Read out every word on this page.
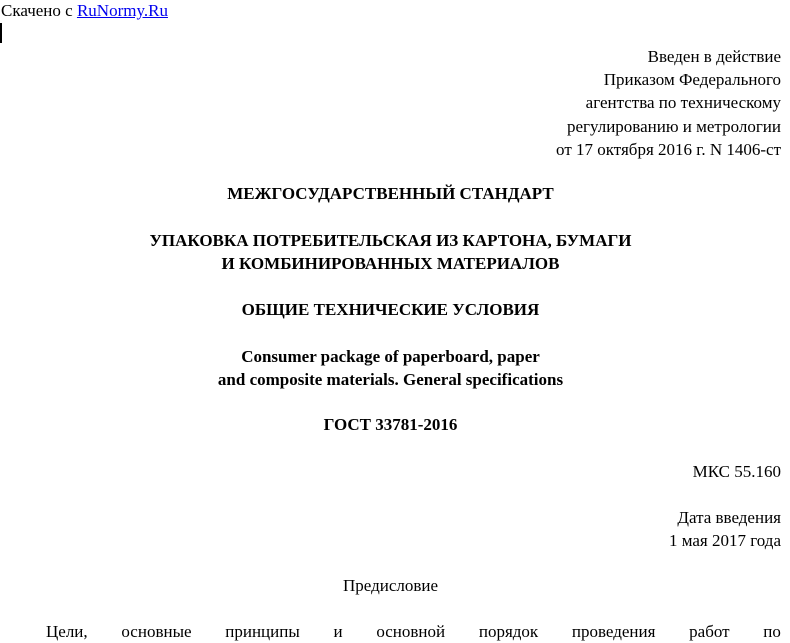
Скачено с RuNormy.Ru
Введен в действие
Приказом Федерального
агентства по техническому
регулированию и метрологии
от 17 октября 2016 г. N 1406-ст
МЕЖГОСУДАРСТВЕННЫЙ СТАНДАРТ
УПАКОВКА ПОТРЕБИТЕЛЬСКАЯ ИЗ КАРТОНА, БУМАГИ
И КОМБИНИРОВАННЫХ МАТЕРИАЛОВ
ОБЩИЕ ТЕХНИЧЕСКИЕ УСЛОВИЯ
Consumer package of paperboard, paper
and composite materials. General specifications
ГОСТ 33781-2016
МКС 55.160
Дата введения
1 мая 2017 года
Предисловие
Цели, основные принципы и основной порядок проведения работ по
